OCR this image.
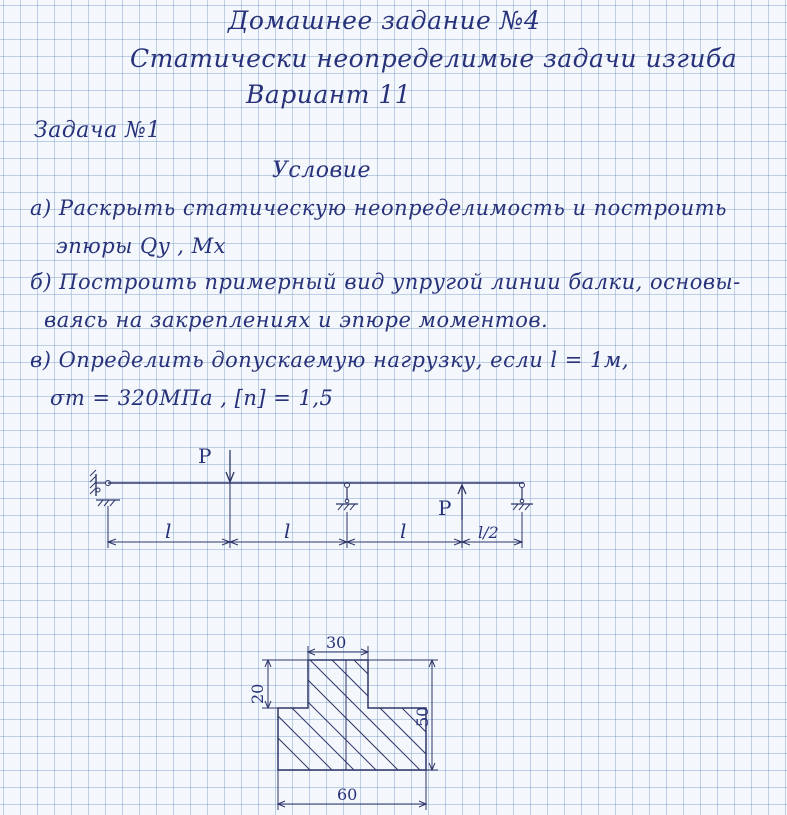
Домашнее задание №4
Статически неопределимые задачи изгиба
Вариант 11
Задача №1
Условие
а) Раскрыть статическую неопределимость и построить
эпюры Qy , Mx
б) Построить примерный вид упругой линии балки, основы-
ваясь на закреплениях и эпюре моментов.
в) Определить допускаемую нагрузку, если l = 1м,
σт = 320МПа , [n] = 1,5
P
P
l	l	l	l/2
30
20
50
60
